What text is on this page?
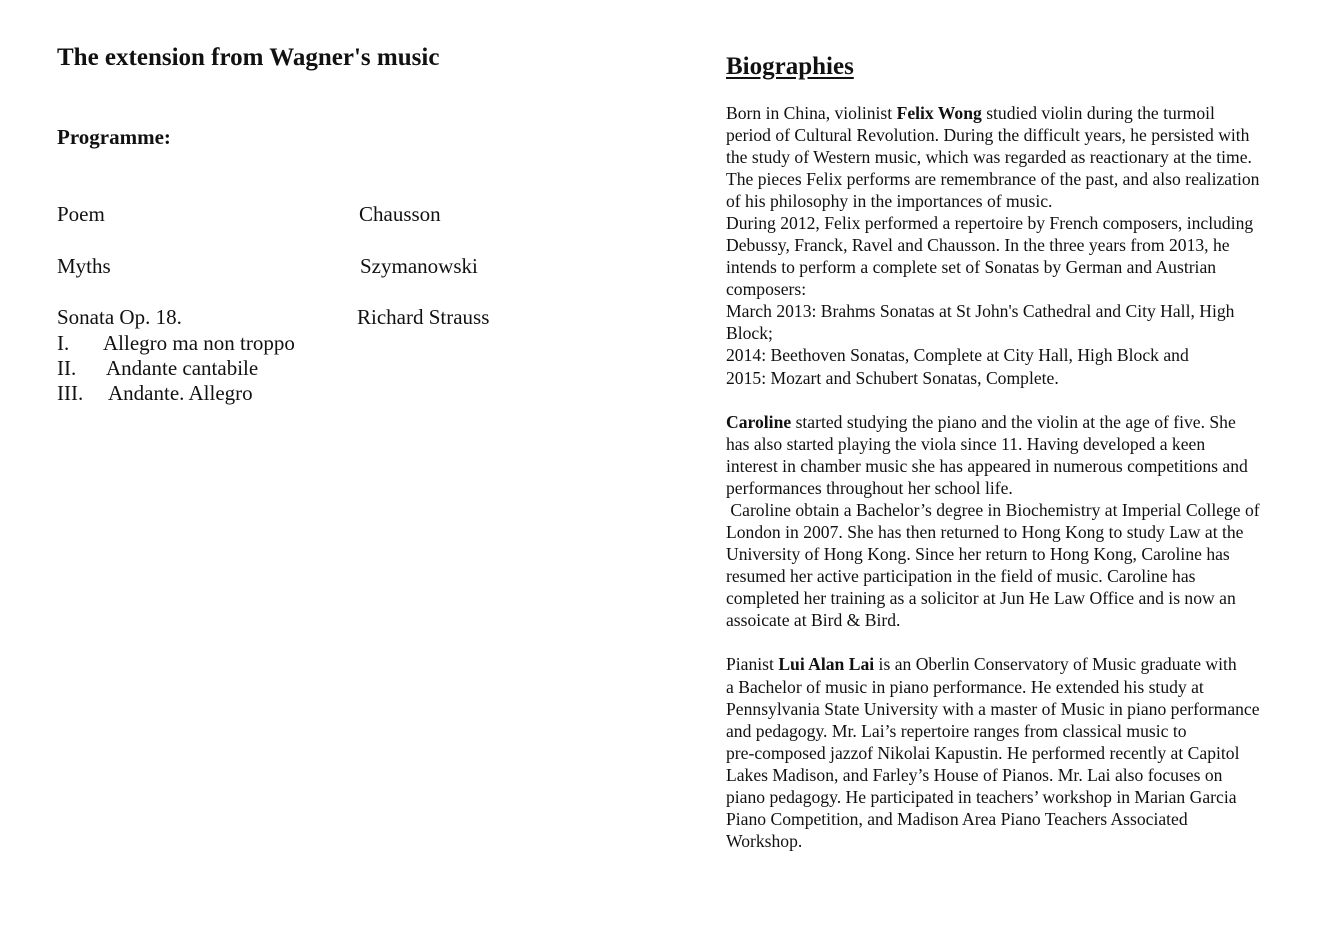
The extension from Wagner's music
Programme:
Poem	Chausson
Myths	Szymanowski
Sonata Op. 18.	Richard Strauss
I. Allegro ma non troppo
II. Andante cantabile
III. Andante. Allegro
Biographies
Born in China, violinist Felix Wong studied violin during the turmoil
period of Cultural Revolution. During the difficult years, he persisted with
the study of Western music, which was regarded as reactionary at the time.
The pieces Felix performs are remembrance of the past, and also realization
of his philosophy in the importances of music.
During 2012, Felix performed a repertoire by French composers, including
Debussy, Franck, Ravel and Chausson. In the three years from 2013, he
intends to perform a complete set of Sonatas by German and Austrian
composers:
March 2013: Brahms Sonatas at St John's Cathedral and City Hall, High
Block;
2014: Beethoven Sonatas, Complete at City Hall, High Block and
2015: Mozart and Schubert Sonatas, Complete.
Caroline started studying the piano and the violin at the age of five. She
has also started playing the viola since 11. Having developed a keen
interest in chamber music she has appeared in numerous competitions and
performances throughout her school life.
Caroline obtain a Bachelor’s degree in Biochemistry at Imperial College of
London in 2007. She has then returned to Hong Kong to study Law at the
University of Hong Kong. Since her return to Hong Kong, Caroline has
resumed her active participation in the field of music. Caroline has
completed her training as a solicitor at Jun He Law Office and is now an
assoicate at Bird & Bird.
Pianist Lui Alan Lai is an Oberlin Conservatory of Music graduate with
a Bachelor of music in piano performance. He extended his study at
Pennsylvania State University with a master of Music in piano performance
and pedagogy. Mr. Lai’s repertoire ranges from classical music to
pre-composed jazzof Nikolai Kapustin. He performed recently at Capitol
Lakes Madison, and Farley’s House of Pianos. Mr. Lai also focuses on
piano pedagogy. He participated in teachers’ workshop in Marian Garcia
Piano Competition, and Madison Area Piano Teachers Associated
Workshop.
